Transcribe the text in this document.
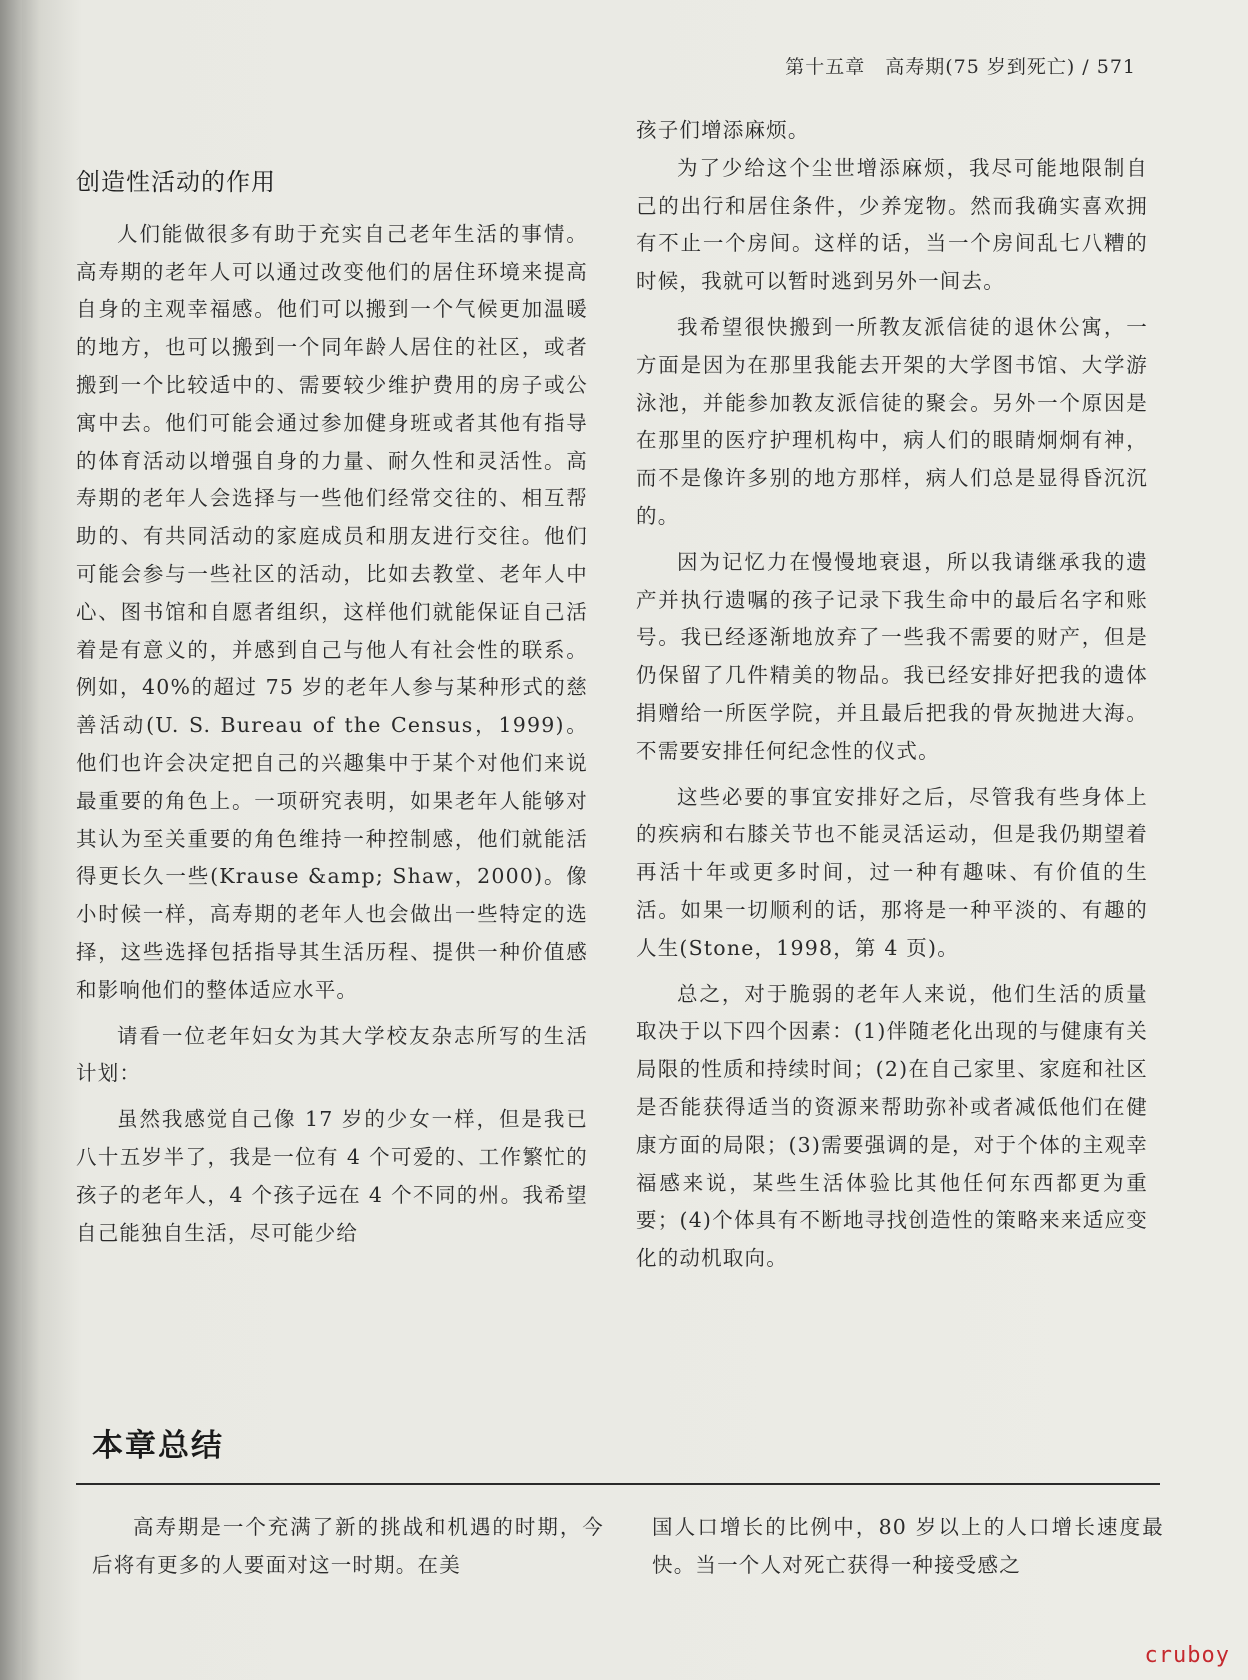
第十五章　高寿期(75 岁到死亡) / 571
创造性活动的作用

人们能做很多有助于充实自己老年生活的事情。高寿期的老年人可以通过改变他们的居住环境来提高自身的主观幸福感。他们可以搬到一个气候更加温暖的地方，也可以搬到一个同年龄人居住的社区，或者搬到一个比较适中的、需要较少维护费用的房子或公寓中去。他们可能会通过参加健身班或者其他有指导的体育活动以增强自身的力量、耐久性和灵活性。高寿期的老年人会选择与一些他们经常交往的、相互帮助的、有共同活动的家庭成员和朋友进行交往。他们可能会参与一些社区的活动，比如去教堂、老年人中心、图书馆和自愿者组织，这样他们就能保证自己活着是有意义的，并感到自己与他人有社会性的联系。例如，40%的超过 75 岁的老年人参与某种形式的慈善活动(U. S. Bureau of the Census，1999)。他们也许会决定把自己的兴趣集中于某个对他们来说最重要的角色上。一项研究表明，如果老年人能够对其认为至关重要的角色维持一种控制感，他们就能活得更长久一些(Krause &amp; Shaw，2000)。像小时候一样，高寿期的老年人也会做出一些特定的选择，这些选择包括指导其生活历程、提供一种价值感和影响他们的整体适应水平。

请看一位老年妇女为其大学校友杂志所写的生活计划：

虽然我感觉自己像 17 岁的少女一样，但是我已八十五岁半了，我是一位有 4 个可爱的、工作繁忙的孩子的老年人，4 个孩子远在 4 个不同的州。我希望自己能独自生活，尽可能少给

孩子们增添麻烦。

为了少给这个尘世增添麻烦，我尽可能地限制自己的出行和居住条件，少养宠物。然而我确实喜欢拥有不止一个房间。这样的话，当一个房间乱七八糟的时候，我就可以暂时逃到另外一间去。

我希望很快搬到一所教友派信徒的退休公寓，一方面是因为在那里我能去开架的大学图书馆、大学游泳池，并能参加教友派信徒的聚会。另外一个原因是在那里的医疗护理机构中，病人们的眼睛炯炯有神，而不是像许多别的地方那样，病人们总是显得昏沉沉的。

因为记忆力在慢慢地衰退，所以我请继承我的遗产并执行遗嘱的孩子记录下我生命中的最后名字和账号。我已经逐渐地放弃了一些我不需要的财产，但是仍保留了几件精美的物品。我已经安排好把我的遗体捐赠给一所医学院，并且最后把我的骨灰抛进大海。不需要安排任何纪念性的仪式。

这些必要的事宜安排好之后，尽管我有些身体上的疾病和右膝关节也不能灵活运动，但是我仍期望着再活十年或更多时间，过一种有趣味、有价值的生活。如果一切顺利的话，那将是一种平淡的、有趣的人生(Stone，1998，第 4 页)。

总之，对于脆弱的老年人来说，他们生活的质量取决于以下四个因素：(1)伴随老化出现的与健康有关局限的性质和持续时间；(2)在自己家里、家庭和社区是否能获得适当的资源来帮助弥补或者减低他们在健康方面的局限；(3)需要强调的是，对于个体的主观幸福感来说，某些生活体验比其他任何东西都更为重要；(4)个体具有不断地寻找创造性的策略来来适应变化的动机取向。

本章总结

高寿期是一个充满了新的挑战和机遇的时期，今后将有更多的人要面对这一时期。在美

国人口增长的比例中，80 岁以上的人口增长速度最快。当一个人对死亡获得一种接受感之

cruboy
